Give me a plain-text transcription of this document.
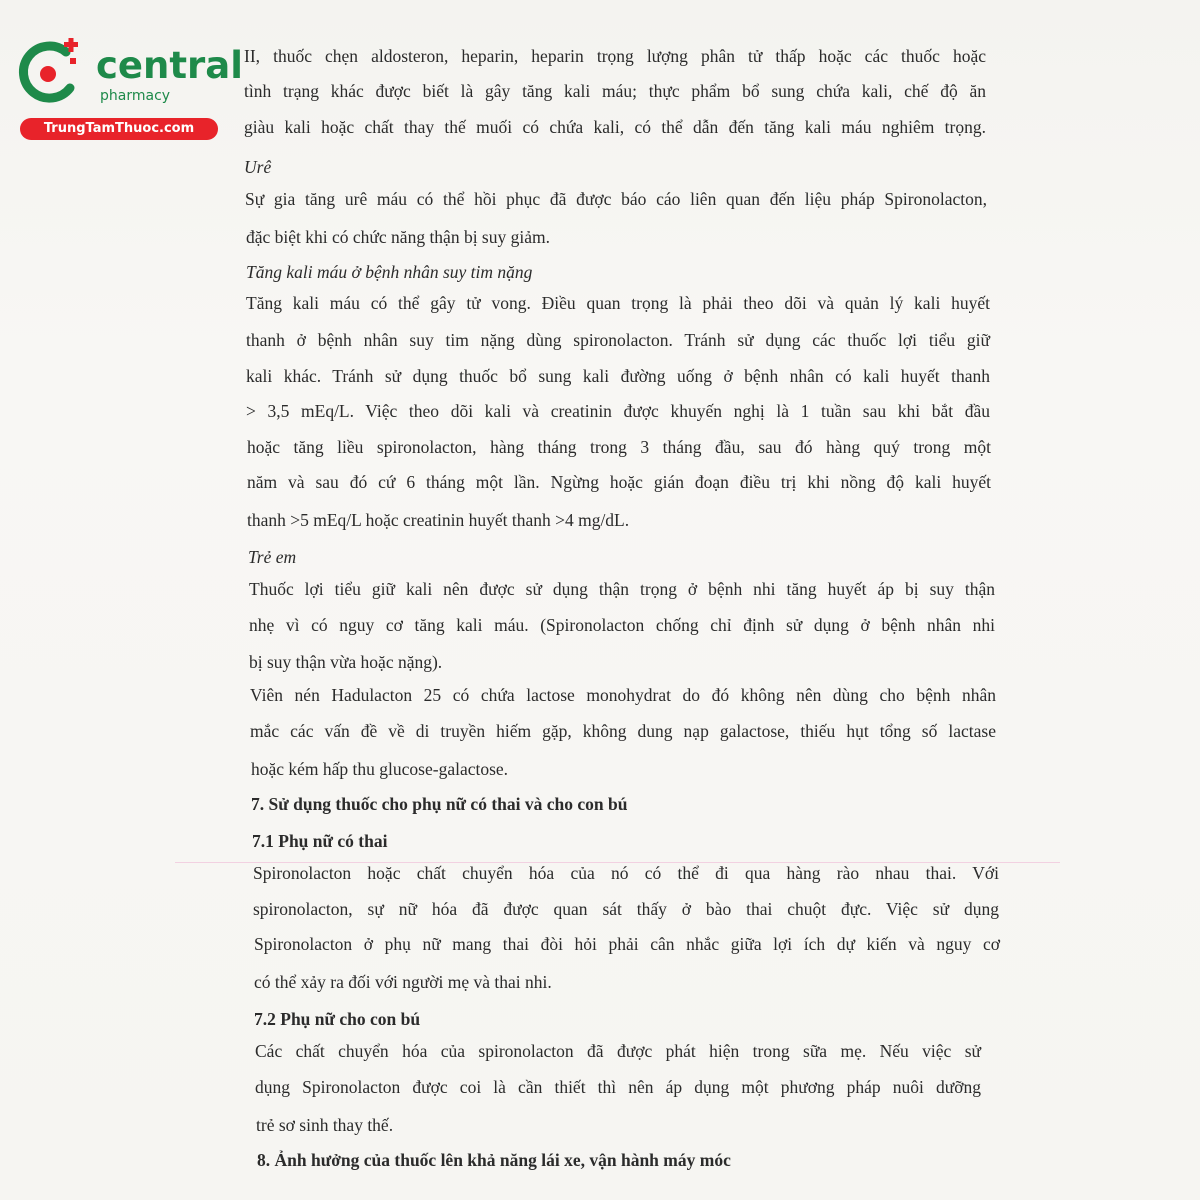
central
pharmacy
TrungTamThuoc.com
II, thuốc chẹn aldosteron, heparin, heparin trọng lượng phân tử thấp hoặc các thuốc hoặc
tình trạng khác được biết là gây tăng kali máu; thực phẩm bổ sung chứa kali, chế độ ăn
giàu kali hoặc chất thay thế muối có chứa kali, có thể dẫn đến tăng kali máu nghiêm trọng.
Urê
Sự gia tăng urê máu có thể hồi phục đã được báo cáo liên quan đến liệu pháp Spironolacton,
đặc biệt khi có chức năng thận bị suy giảm.
Tăng kali máu ở bệnh nhân suy tim nặng
Tăng kali máu có thể gây tử vong. Điều quan trọng là phải theo dõi và quản lý kali huyết
thanh ở bệnh nhân suy tim nặng dùng spironolacton. Tránh sử dụng các thuốc lợi tiểu giữ
kali khác. Tránh sử dụng thuốc bổ sung kali đường uống ở bệnh nhân có kali huyết thanh
> 3,5 mEq/L. Việc theo dõi kali và creatinin được khuyến nghị là 1 tuần sau khi bắt đầu
hoặc tăng liều spironolacton, hàng tháng trong 3 tháng đầu, sau đó hàng quý trong một
năm và sau đó cứ 6 tháng một lần. Ngừng hoặc gián đoạn điều trị khi nồng độ kali huyết
thanh >5 mEq/L hoặc creatinin huyết thanh >4 mg/dL.
Trẻ em
Thuốc lợi tiểu giữ kali nên được sử dụng thận trọng ở bệnh nhi tăng huyết áp bị suy thận
nhẹ vì có nguy cơ tăng kali máu. (Spironolacton chống chỉ định sử dụng ở bệnh nhân nhi
bị suy thận vừa hoặc nặng).
Viên nén Hadulacton 25 có chứa lactose monohydrat do đó không nên dùng cho bệnh nhân
mắc các vấn đề về di truyền hiếm gặp, không dung nạp galactose, thiếu hụt tổng số lactase
hoặc kém hấp thu glucose-galactose.
7. Sử dụng thuốc cho phụ nữ có thai và cho con bú
7.1 Phụ nữ có thai
Spironolacton hoặc chất chuyển hóa của nó có thể đi qua hàng rào nhau thai. Với
spironolacton, sự nữ hóa đã được quan sát thấy ở bào thai chuột đực. Việc sử dụng
Spironolacton ở phụ nữ mang thai đòi hỏi phải cân nhắc giữa lợi ích dự kiến và nguy cơ
có thể xảy ra đối với người mẹ và thai nhi.
7.2 Phụ nữ cho con bú
Các chất chuyển hóa của spironolacton đã được phát hiện trong sữa mẹ. Nếu việc sử
dụng Spironolacton được coi là cần thiết thì nên áp dụng một phương pháp nuôi dưỡng
trẻ sơ sinh thay thế.
8. Ảnh hưởng của thuốc lên khả năng lái xe, vận hành máy móc
